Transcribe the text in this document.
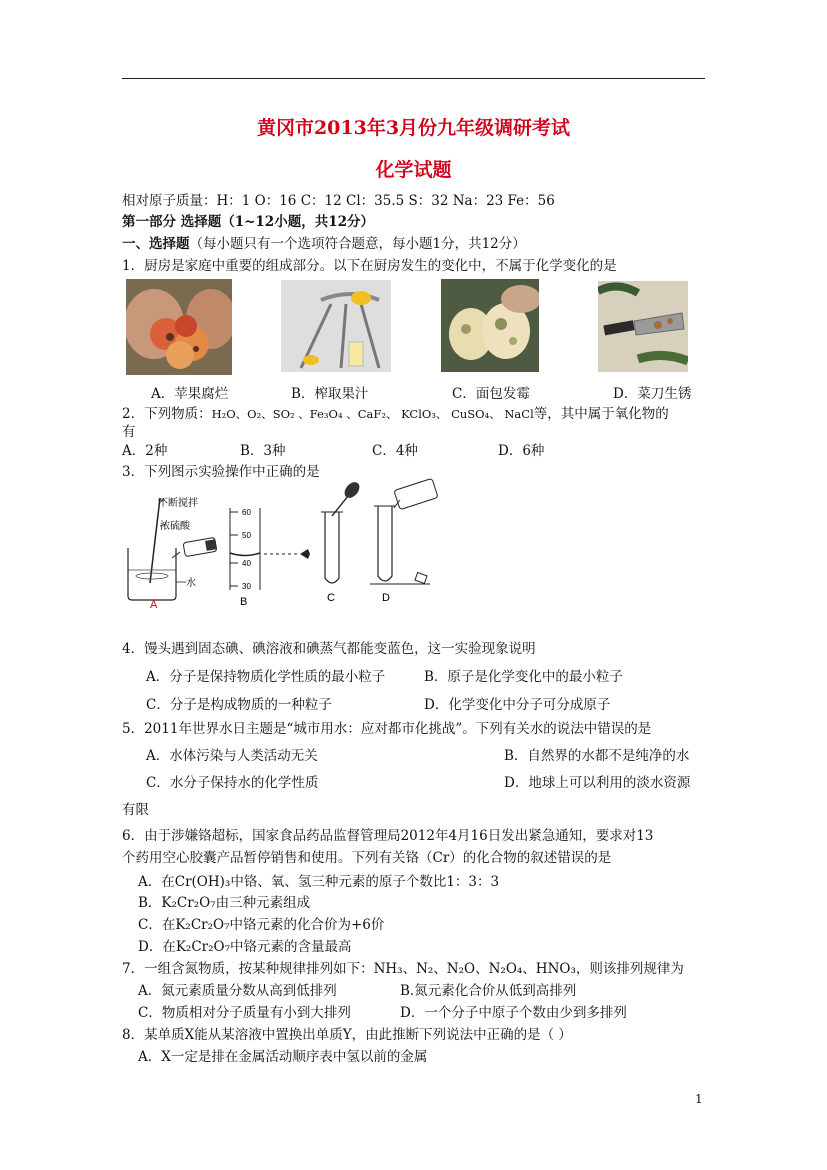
黄冈市2013年3月份九年级调研考试
化学试题
相对原子质量：H：1 O：16 C：12 Cl：35.5 S：32 Na：23 Fe：56
第一部分 选择题（1~12小题，共12分）
一、选择题（每小题只有一个选项符合题意，每小题1分，共12分）
1．厨房是家庭中重要的组成部分。以下在厨房发生的变化中，不属于化学变化的是
A．苹果腐烂	B．榨取果汁	C．面包发霉	D．菜刀生锈
2．下列物质：H₂O、O₂、SO₂ 、Fe₃O₄ 、CaF₂、 KClO₃、 CuSO₄、 NaCl等，其中属于氧化物的
有
A．2种	B．3种	C．4种	D．6种
3．下列图示实验操作中正确的是
不断搅拌
浓硫酸
水
A
60
50
40
30
B	C	D
4．馒头遇到固态碘、碘溶液和碘蒸气都能变蓝色，这一实验现象说明
A．分子是保持物质化学性质的最小粒子	B．原子是化学变化中的最小粒子
C．分子是构成物质的一种粒子	D．化学变化中分子可分成原子
5．2011年世界水日主题是“城市用水：应对都市化挑战”。下列有关水的说法中错误的是
A．水体污染与人类活动无关	B．自然界的水都不是纯净的水
C．水分子保持水的化学性质	D．地球上可以利用的淡水资源
有限
6．由于涉嫌铬超标，国家食品药品监督管理局2012年4月16日发出紧急通知，要求对13
个药用空心胶囊产品暂停销售和使用。下列有关铬（Cr）的化合物的叙述错误的是
A．在Cr(OH)₃中铬、氧、氢三种元素的原子个数比1：3：3
B．K₂Cr₂O₇由三种元素组成
C．在K₂Cr₂O₇中铬元素的化合价为+6价
D．在K₂Cr₂O₇中铬元素的含量最高
7．一组含氮物质，按某种规律排列如下：NH₃、N₂、N₂O、N₂O₄、HNO₃，则该排列规律为
A．氮元素质量分数从高到低排列	B.氮元素化合价从低到高排列
C．物质相对分子质量有小到大排列	D．一个分子中原子个数由少到多排列
8．某单质X能从某溶液中置换出单质Y，由此推断下列说法中正确的是（ ）
A．X一定是排在金属活动顺序表中氢以前的金属
1
